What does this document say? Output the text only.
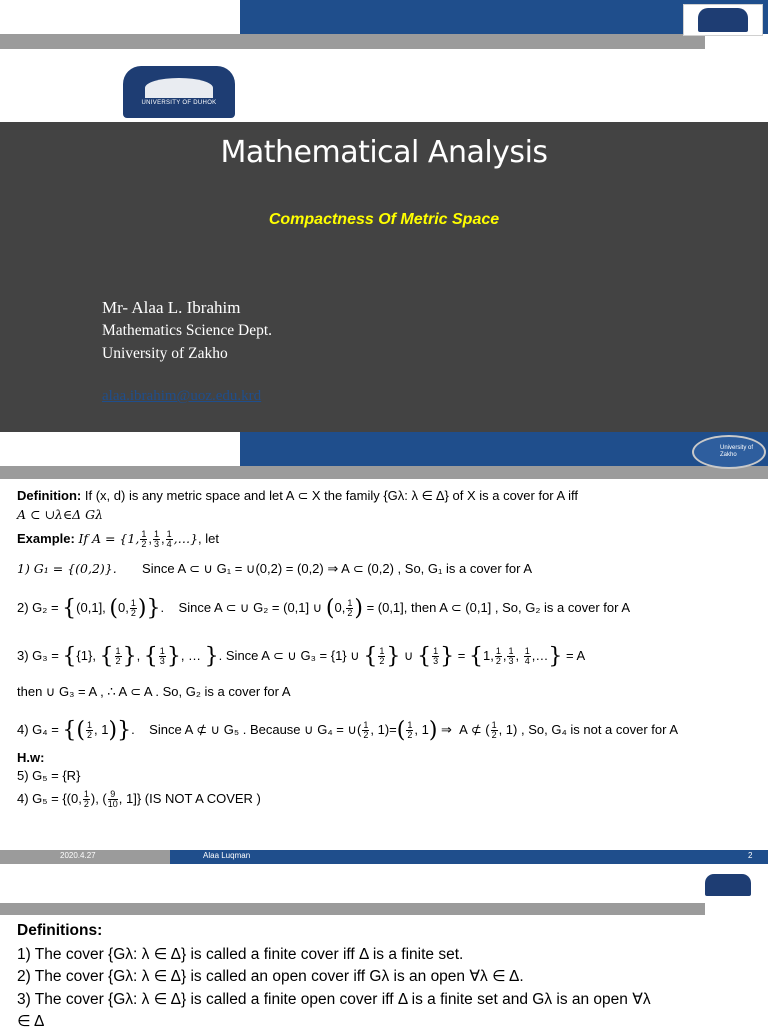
UNIVERSITY OF DUHOK
Mathematical Analysis
Compactness Of Metric Space
Mr- Alaa L. Ibrahim
Mathematics Science Dept.
University of Zakho
alaa.ibrahim@uoz.edu.krd
University of Zakho
Definition: If (x, d) is any metric space and let A ⊂ X the family {Gλ: λ ∈ Δ} of X is a cover for A iff
A ⊂ ∪λ∈Δ Gλ
Example: If A = {1, $\frac{1}{2}$ , $\frac{1}{3}$ , $\frac{1}{4}$ ,…}, let
1) G₁ = {(0,2)}. Since A ⊂ ∪ G₁ = ∪(0,2) = (0,2) ⇒ A ⊂ (0,2) , So, G₁ is a cover for A
2) G₂ = {(0,1], (0, $\frac{1}{2}$ )}.    Since A ⊂ ∪ G₂ = (0,1] ∪ (0, $\frac{1}{2}$ ) = (0,1], then A ⊂ (0,1] , So, G₂ is a cover for A
3) G₃ = {{1}, { $\frac{1}{2}$ }, { $\frac{1}{3}$ }, … }. Since A ⊂ ∪ G₃ = {1} ∪ { $\frac{1}{2}$ } ∪ { $\frac{1}{3}$ } = {1, $\frac{1}{2}$ , $\frac{1}{3}$ , $\frac{1}{4}$ ,…} = A
then ∪ G₃ = A , ∴ A ⊂ A . So, G₂ is a cover for A
4) G₄ = {( $\frac{1}{2}$ , 1)}.    Since A ⊄ ∪ G₅ . Because ∪ G₄ = ∪( $\frac{1}{2}$ , $1)=( \frac{1}{2}$ , 1) ⇒  A ⊄ ( $\frac{1}{2}$ , 1) , So, G₄ is not a cover for A
H.w:
5) G₅ = {R}
4) G₅ = {(0, $\frac{1}{2}$ ), ( $\frac{9}{10}$ , 1]} (IS NOT A COVER )
2020.4.27	Alaa Luqman	2
Definitions:
1) The cover {Gλ: λ ∈ Δ} is called a finite cover iff Δ is a finite set.
2) The cover {Gλ: λ ∈ Δ} is called an open cover iff Gλ is an open ∀λ ∈ Δ.
3) The cover {Gλ: λ ∈ Δ} is called a finite open cover iff Δ is a finite set and Gλ is an open ∀λ
∈ Δ
